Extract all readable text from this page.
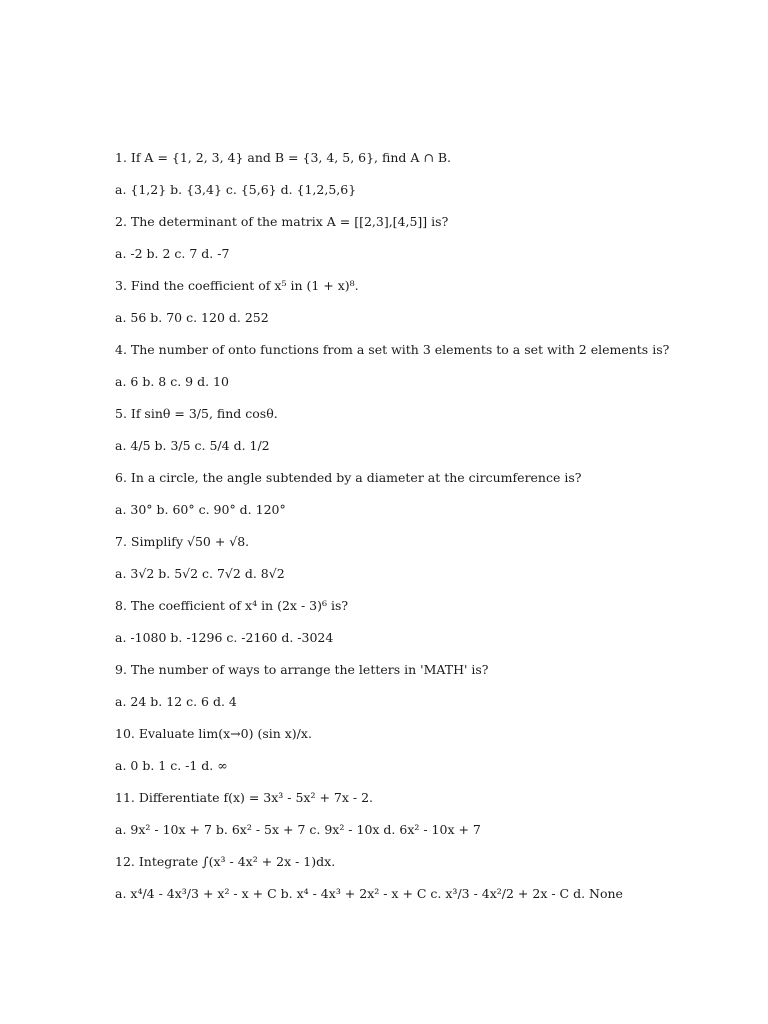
1. If A = {1, 2, 3, 4} and B = {3, 4, 5, 6}, find A ∩ B.
a. {1,2} b. {3,4} c. {5,6} d. {1,2,5,6}
2. The determinant of the matrix A = [[2,3],[4,5]] is?
a. -2 b. 2 c. 7 d. -7
3. Find the coefficient of x⁵ in (1 + x)⁸.
a. 56 b. 70 c. 120 d. 252
4. The number of onto functions from a set with 3 elements to a set with 2 elements is?
a. 6 b. 8 c. 9 d. 10
5. If sinθ = 3/5, find cosθ.
a. 4/5 b. 3/5 c. 5/4 d. 1/2
6. In a circle, the angle subtended by a diameter at the circumference is?
a. 30° b. 60° c. 90° d. 120°
7. Simplify √50 + √8.
a. 3√2 b. 5√2 c. 7√2 d. 8√2
8. The coefficient of x⁴ in (2x - 3)⁶ is?
a. -1080 b. -1296 c. -2160 d. -3024
9. The number of ways to arrange the letters in 'MATH' is?
a. 24 b. 12 c. 6 d. 4
10. Evaluate lim(x→0) (sin x)/x.
a. 0 b. 1 c. -1 d. ∞
11. Differentiate f(x) = 3x³ - 5x² + 7x - 2.
a. 9x² - 10x + 7 b. 6x² - 5x + 7 c. 9x² - 10x d. 6x² - 10x + 7
12. Integrate ∫(x³ - 4x² + 2x - 1)dx.
a. x⁴/4 - 4x³/3 + x² - x + C b. x⁴ - 4x³ + 2x² - x + C c. x³/3 - 4x²/2 + 2x - C d. None
